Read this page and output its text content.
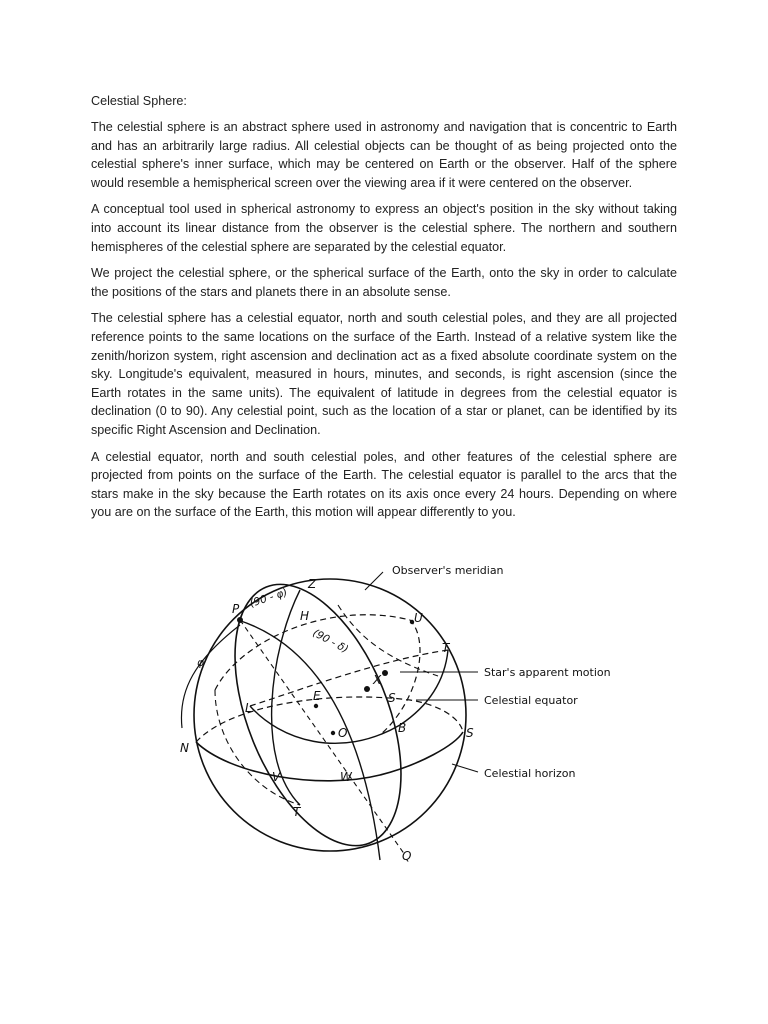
Celestial Sphere:

The celestial sphere is an abstract sphere used in astronomy and navigation that is concentric to Earth and has an arbitrarily large radius. All celestial objects can be thought of as being projected onto the celestial sphere's inner surface, which may be centered on Earth or the observer. Half of the sphere would resemble a hemispherical screen over the viewing area if it were centered on the observer.

A conceptual tool used in spherical astronomy to express an object's position in the sky without taking into account its linear distance from the observer is the celestial sphere. The northern and southern hemispheres of the celestial sphere are separated by the celestial equator.

We project the celestial sphere, or the spherical surface of the Earth, onto the sky in order to calculate the positions of the stars and planets there in an absolute sense.

The celestial sphere has a celestial equator, north and south celestial poles, and they are all projected reference points to the same locations on the surface of the Earth. Instead of a relative system like the zenith/horizon system, right ascension and declination act as a fixed absolute coordinate system on the sky. Longitude's equivalent, measured in hours, minutes, and seconds, is right ascension (since the Earth rotates in the same units). The equivalent of latitude in degrees from the celestial equator is declination (0 to 90). Any celestial point, such as the location of a star or planet, can be identified by its specific Right Ascension and Declination.

A celestial equator, north and south celestial poles, and other features of the celestial sphere are projected from points on the surface of the Earth. The celestial equator is parallel to the arcs that the stars make in the sky because the Earth rotates on its axis once every 24 hours. Depending on where you are on the surface of the Earth, this motion will appear differently to you.

Z
P	H	U
T
X
S
B
E
O
L
N
S
V	W
T
Q
(90 - φ)
(90 - δ)
φ
Observer's meridian
Star's apparent motion
Celestial equator
Celestial horizon
